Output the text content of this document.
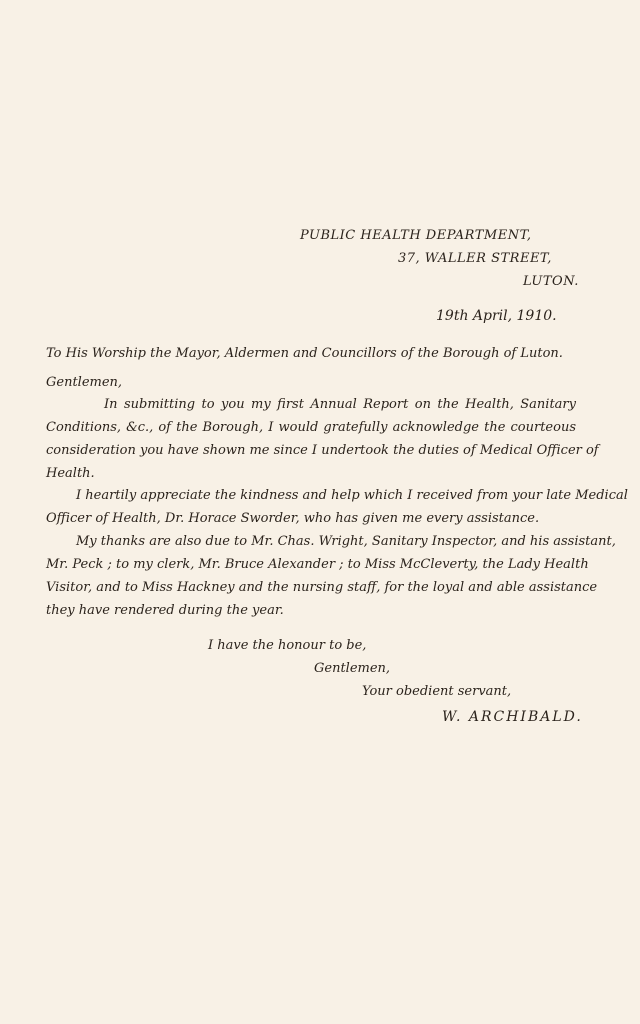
PUBLIC HEALTH DEPARTMENT,
37, WALLER STREET,
LUTON.
19th April, 1910.
To His Worship the Mayor, Aldermen and Councillors of the Borough of Luton.
Gentlemen,
In submitting to you my first Annual Report on the Health, Sanitary
Conditions, &c., of the Borough, I would gratefully acknowledge the courteous
consideration you have shown me since I undertook the duties of Medical Officer of
Health.
I heartily appreciate the kindness and help which I received from your late Medical
Officer of Health, Dr. Horace Sworder, who has given me every assistance.
My thanks are also due to Mr. Chas. Wright, Sanitary Inspector, and his assistant,
Mr. Peck ; to my clerk, Mr. Bruce Alexander ; to Miss McCleverty, the Lady Health
Visitor, and to Miss Hackney and the nursing staff, for the loyal and able assistance
they have rendered during the year.
I have the honour to be,
Gentlemen,
Your obedient servant,
W. ARCHIBALD.
